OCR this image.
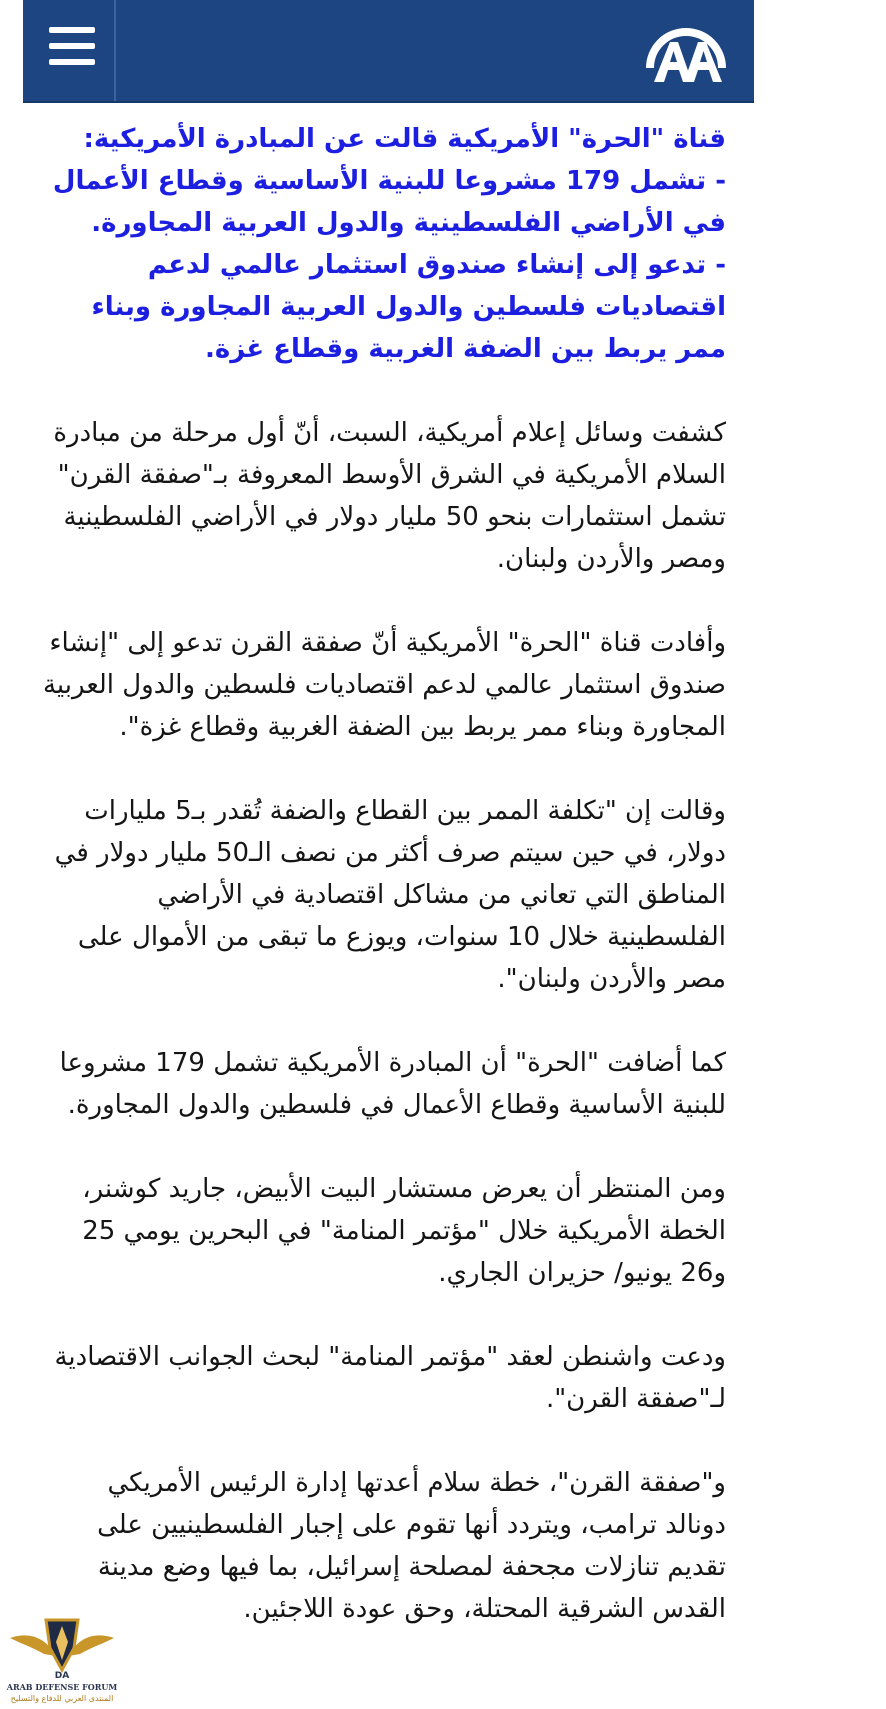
قناة "الحرة" الأمريكية قالت عن المبادرة الأمريكية:
- تشمل 179 مشروعا للبنية الأساسية وقطاع الأعمال في الأراضي الفلسطينية والدول العربية المجاورة.
- تدعو إلى إنشاء صندوق استثمار عالمي لدعم اقتصاديات فلسطين والدول العربية المجاورة وبناء ممر يربط بين الضفة الغربية وقطاع غزة.

كشفت وسائل إعلام أمريكية، السبت، أنّ أول مرحلة من مبادرة السلام الأمريكية في الشرق الأوسط المعروفة بـ"صفقة القرن" تشمل استثمارات بنحو 50 مليار دولار في الأراضي الفلسطينية ومصر والأردن ولبنان.

وأفادت قناة "الحرة" الأمريكية أنّ صفقة القرن تدعو إلى "إنشاء صندوق استثمار عالمي لدعم اقتصاديات فلسطين والدول العربية المجاورة وبناء ممر يربط بين الضفة الغربية وقطاع غزة".

وقالت إن "تكلفة الممر بين القطاع والضفة تُقدر بـ5 مليارات دولار، في حين سيتم صرف أكثر من نصف الـ50 مليار دولار في المناطق التي تعاني من مشاكل اقتصادية في الأراضي الفلسطينية خلال 10 سنوات، ويوزع ما تبقى من الأموال على مصر والأردن ولبنان".

كما أضافت "الحرة" أن المبادرة الأمريكية تشمل 179 مشروعا للبنية الأساسية وقطاع الأعمال في فلسطين والدول المجاورة.

ومن المنتظر أن يعرض مستشار البيت الأبيض، جاريد كوشنر، الخطة الأمريكية خلال "مؤتمر المنامة" في البحرين يومي 25 و26 يونيو/ حزيران الجاري.

ودعت واشنطن لعقد "مؤتمر المنامة" لبحث الجوانب الاقتصادية لـ"صفقة القرن".

و"صفقة القرن"، خطة سلام أعدتها إدارة الرئيس الأمريكي دونالد ترامب، ويتردد أنها تقوم على إجبار الفلسطينيين على تقديم تنازلات مجحفة لمصلحة إسرائيل، بما فيها وضع مدينة القدس الشرقية المحتلة، وحق عودة اللاجئين.

DA
ARAB DEFENSE FORUM
المنتدى العربي للدفاع والتسليح
